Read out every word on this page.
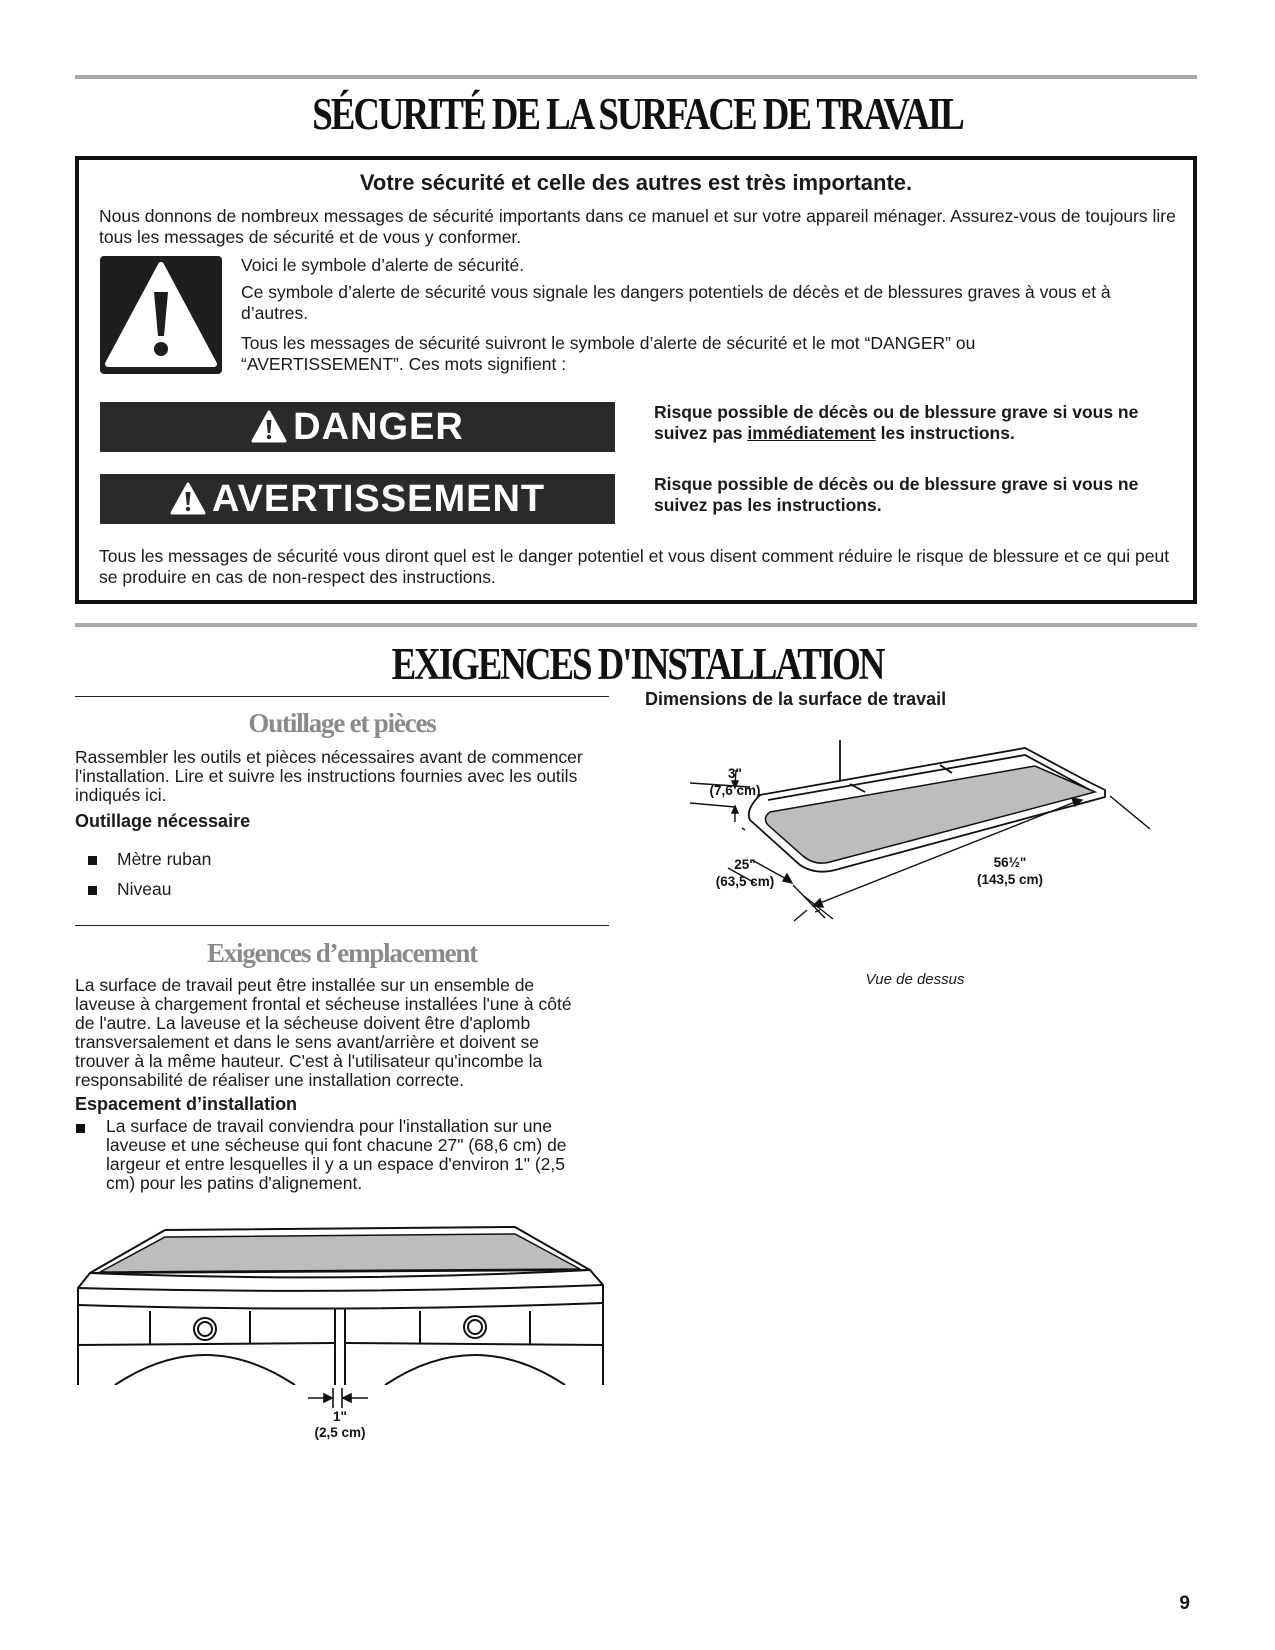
SÉCURITÉ DE LA SURFACE DE TRAVAIL
Votre sécurité et celle des autres est très importante.
Nous donnons de nombreux messages de sécurité importants dans ce manuel et sur votre appareil ménager. Assurez-vous de toujours lire tous les messages de sécurité et de vous y conformer.
Voici le symbole d’alerte de sécurité.
Ce symbole d’alerte de sécurité vous signale les dangers potentiels de décès et de blessures graves à vous et à d’autres.
Tous les messages de sécurité suivront le symbole d’alerte de sécurité et le mot “DANGER” ou “AVERTISSEMENT”. Ces mots signifient :
DANGER	Risque possible de décès ou de blessure grave si vous ne suivez pas immédiatement les instructions.
AVERTISSEMENT	Risque possible de décès ou de blessure grave si vous ne suivez pas les instructions.
Tous les messages de sécurité vous diront quel est le danger potentiel et vous disent comment réduire le risque de blessure et ce qui peut se produire en cas de non-respect des instructions.
EXIGENCES D'INSTALLATION
Outillage et pièces
Rassembler les outils et pièces nécessaires avant de commencer l'installation. Lire et suivre les instructions fournies avec les outils indiqués ici.
Outillage nécessaire
Mètre ruban
Niveau
Exigences d’emplacement
La surface de travail peut être installée sur un ensemble de laveuse à chargement frontal et sécheuse installées l'une à côté de l'autre. La laveuse et la sécheuse doivent être d'aplomb transversalement et dans le sens avant/arrière et doivent se trouver à la même hauteur. C'est à l'utilisateur qu'incombe la responsabilité de réaliser une installation correcte.
Espacement d’installation
La surface de travail conviendra pour l'installation sur une laveuse et une sécheuse qui font chacune 27" (68,6 cm) de largeur et entre lesquelles il y a un espace d'environ 1" (2,5 cm) pour les patins d'alignement.
1"
(2,5 cm)
Dimensions de la surface de travail
3"
(7,6 cm)
25"
(63,5 cm)
56½"
(143,5 cm)
Vue de dessus
9
